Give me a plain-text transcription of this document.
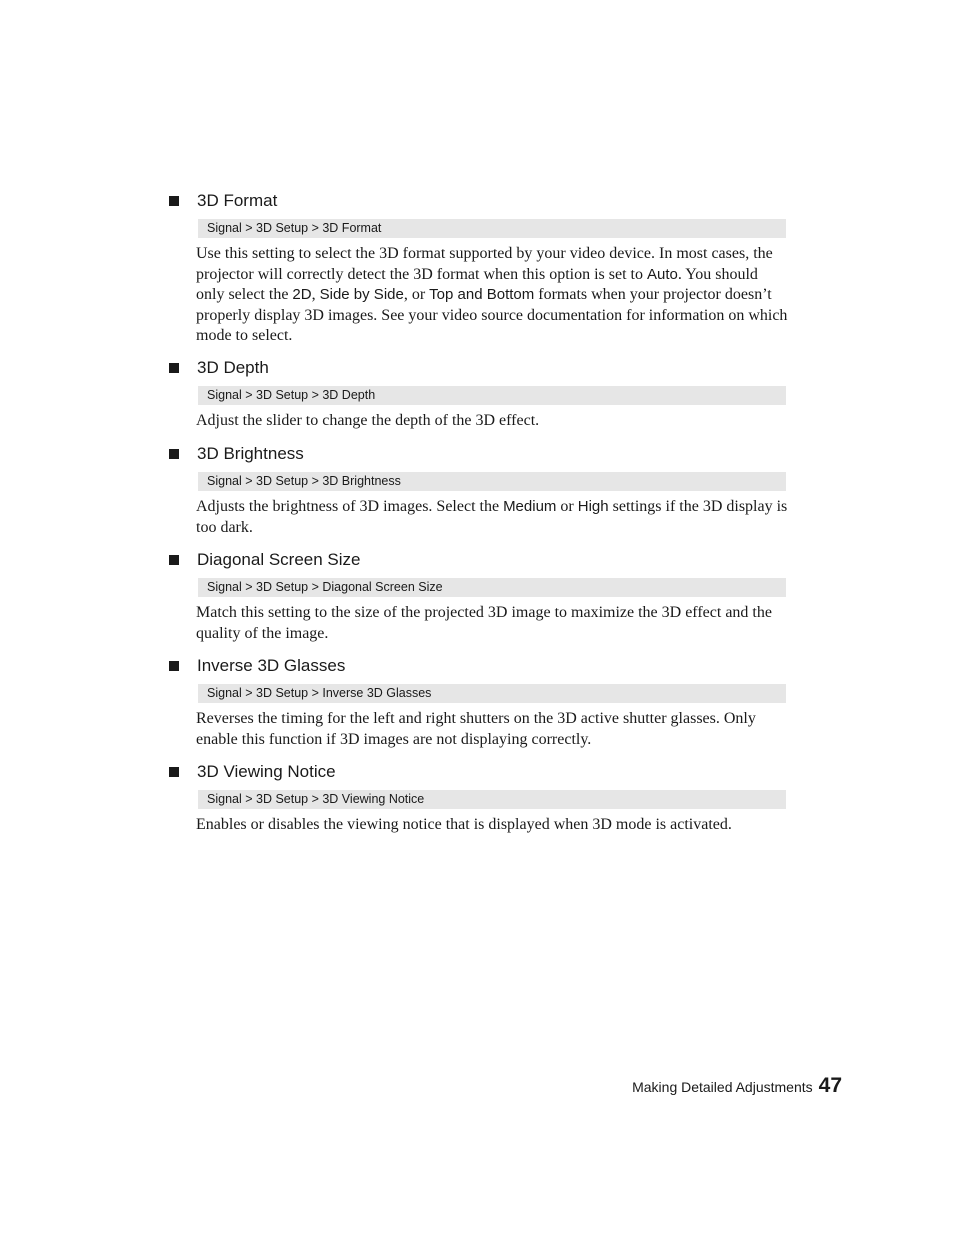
3D Format
Signal > 3D Setup > 3D Format
Use this setting to select the 3D format supported by your video device. In most cases, the projector will correctly detect the 3D format when this option is set to Auto. You should only select the 2D, Side by Side, or Top and Bottom formats when your projector doesn’t properly display 3D images. See your video source documentation for information on which mode to select.
3D Depth
Signal > 3D Setup > 3D Depth
Adjust the slider to change the depth of the 3D effect.
3D Brightness
Signal > 3D Setup > 3D Brightness
Adjusts the brightness of 3D images. Select the Medium or High settings if the 3D display is too dark.
Diagonal Screen Size
Signal > 3D Setup > Diagonal Screen Size
Match this setting to the size of the projected 3D image to maximize the 3D effect and the quality of the image.
Inverse 3D Glasses
Signal > 3D Setup > Inverse 3D Glasses
Reverses the timing for the left and right shutters on the 3D active shutter glasses. Only enable this function if 3D images are not displaying correctly.
3D Viewing Notice
Signal > 3D Setup > 3D Viewing Notice
Enables or disables the viewing notice that is displayed when 3D mode is activated.
Making Detailed Adjustments 47
